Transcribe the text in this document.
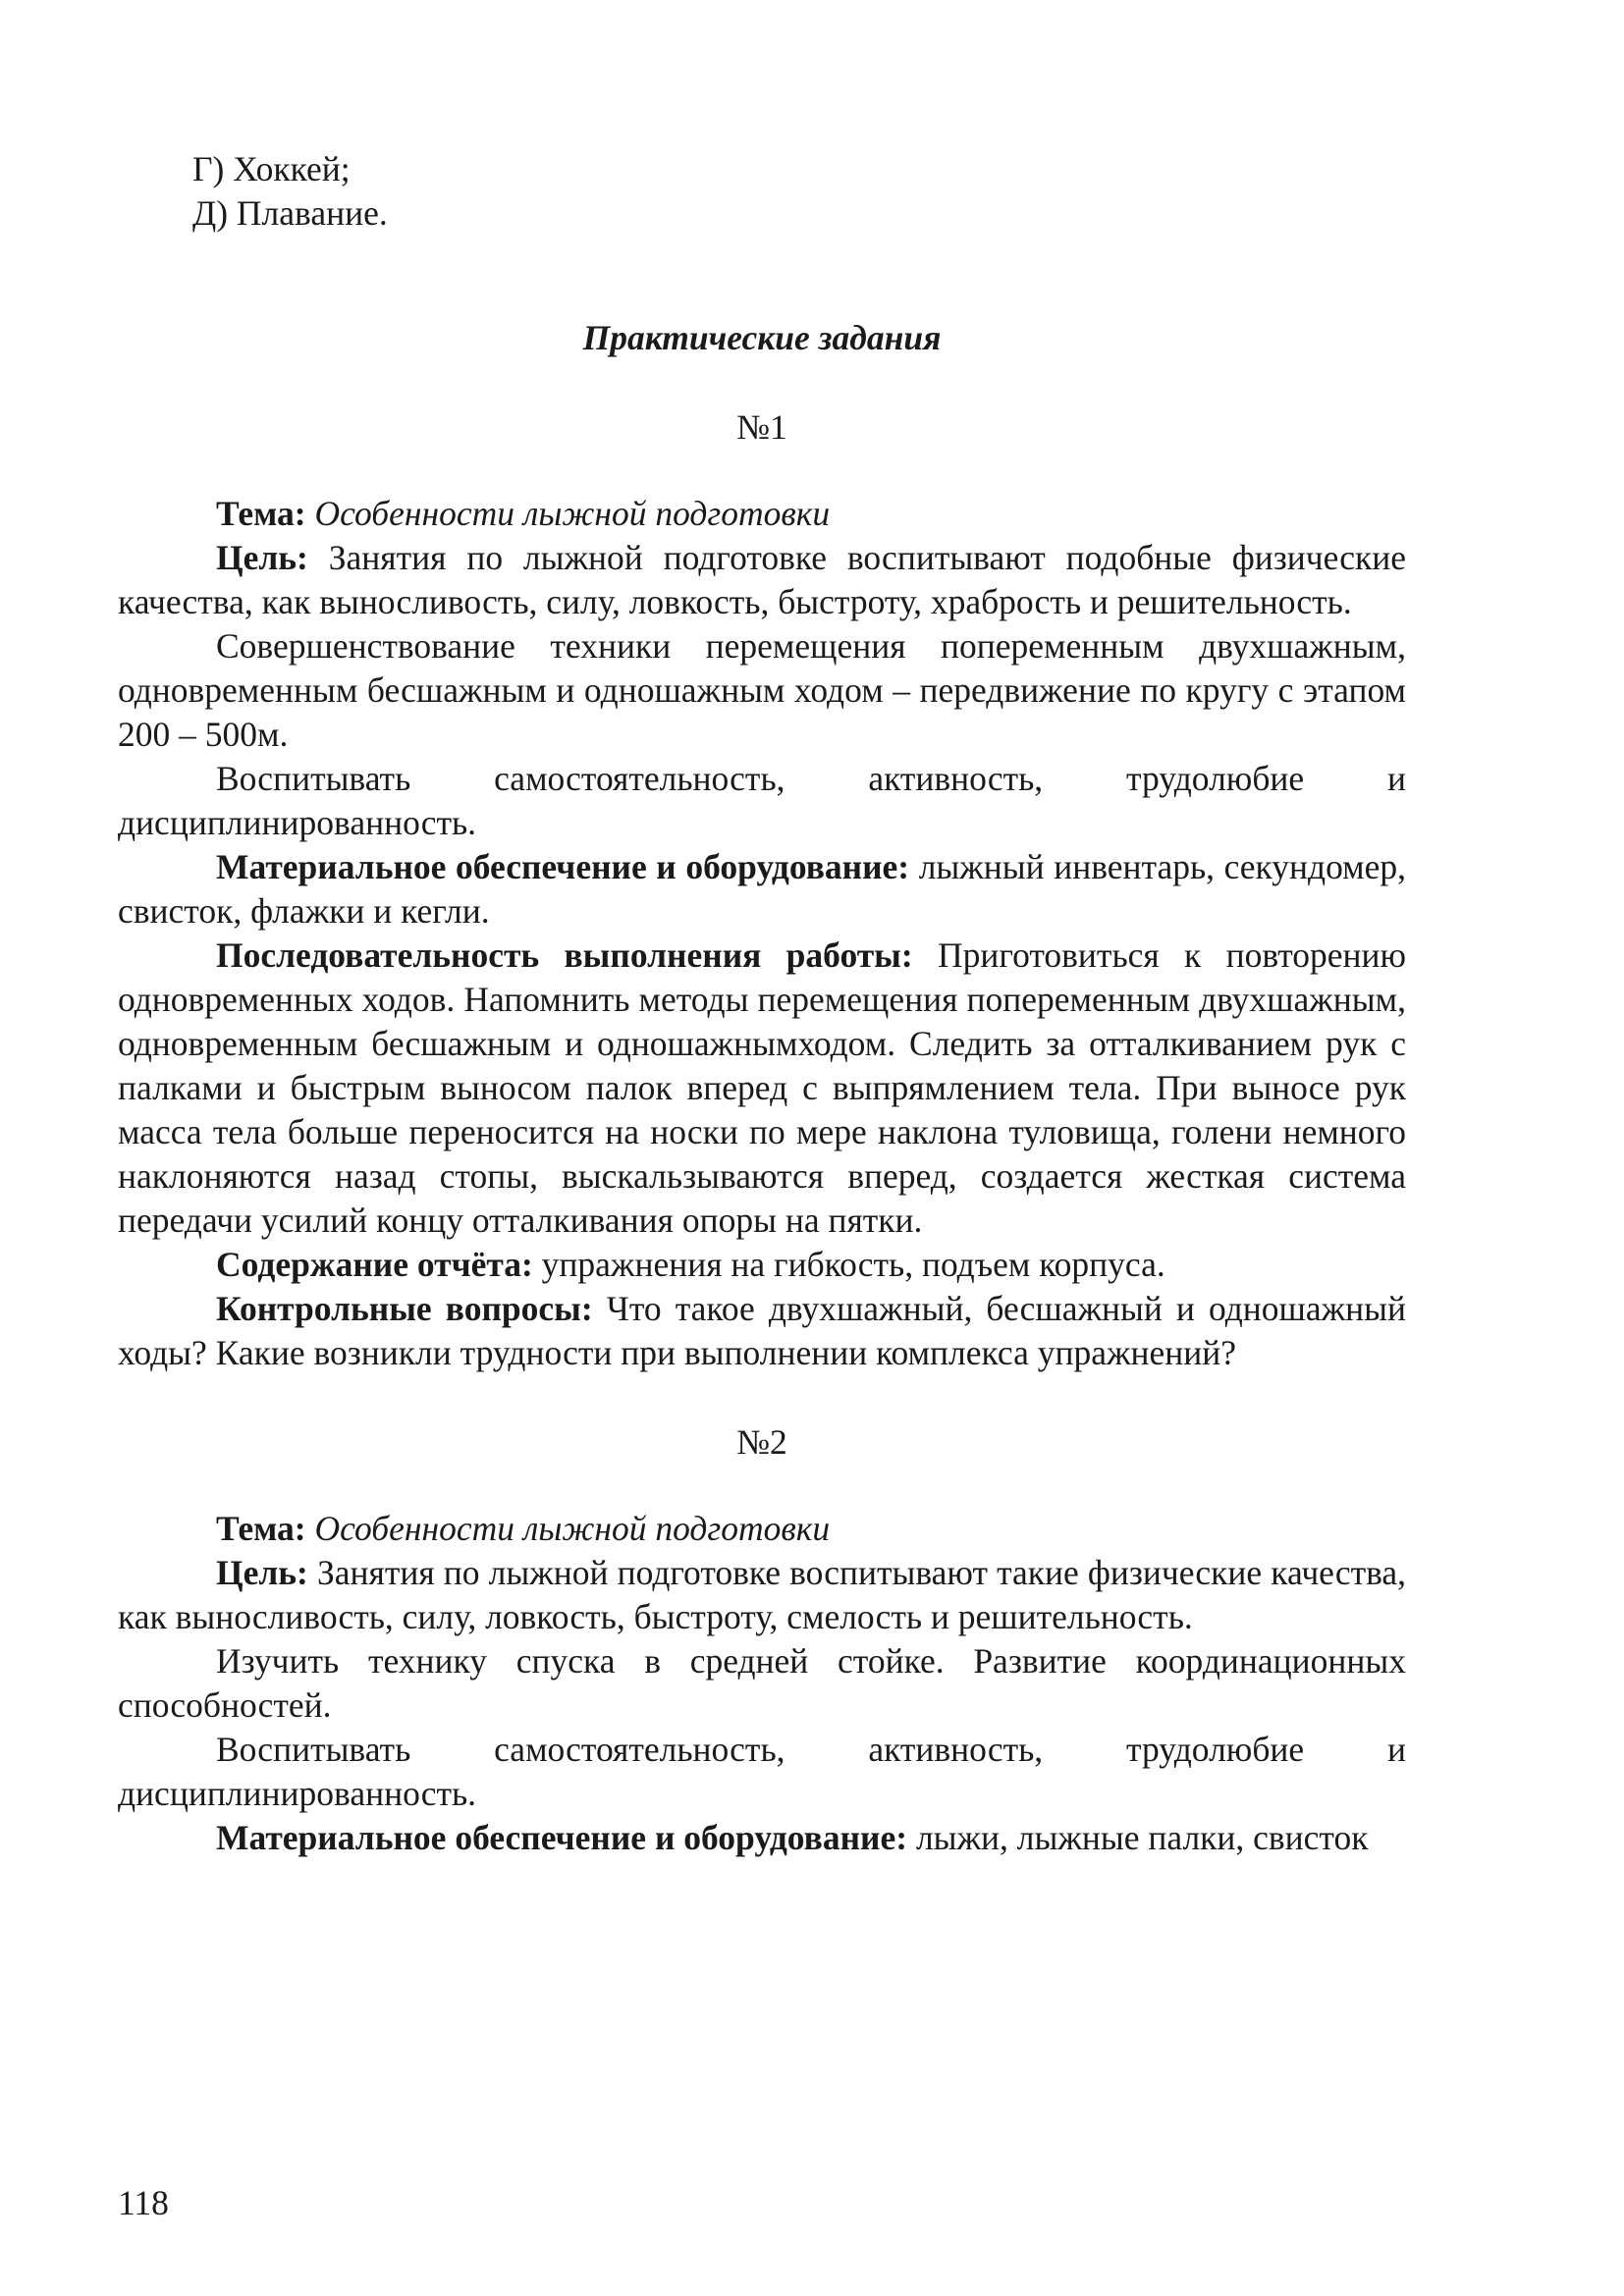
Г) Хоккей;
Д) Плавание.
Практические задания
№1

Тема: Особенности лыжной подготовки

Цель: Занятия по лыжной подготовке воспитывают подобные физические качества, как выносливость, силу, ловкость, быстроту, храбрость и решительность.

Совершенствование техники перемещения попеременным двухшажным, одновременным бесшажным и одношажным ходом – передвижение по кругу с этапом 200 – 500м.

Воспитывать самостоятельность, активность, трудолюбие и дисциплинированность.

Материальное обеспечение и оборудование: лыжный инвентарь, секундомер, свисток, флажки и кегли.

Последовательность выполнения работы: Приготовиться к повторению одновременных ходов. Напомнить методы перемещения попеременным двухшажным, одновременным бесшажным и одношажнымходом. Следить за отталкиванием рук с палками и быстрым выносом палок вперед с выпрямлением тела. При выносе рук масса тела больше переносится на носки по мере наклона туловища, голени немного наклоняются назад стопы, выскальзываются вперед, создается жесткая система передачи усилий концу отталкивания опоры на пятки.

Содержание отчёта: упражнения на гибкость, подъем корпуса.

Контрольные вопросы: Что такое двухшажный, бесшажный и одношажный ходы? Какие возникли трудности при выполнении комплекса упражнений?

№2

Тема: Особенности лыжной подготовки

Цель: Занятия по лыжной подготовке воспитывают такие физические качества, как выносливость, силу, ловкость, быстроту, смелость и решительность.

Изучить технику спуска в средней стойке. Развитие координационных способностей.

Воспитывать самостоятельность, активность, трудолюбие и дисциплинированность.

Материальное обеспечение и оборудование: лыжи, лыжные палки, свисток

118
